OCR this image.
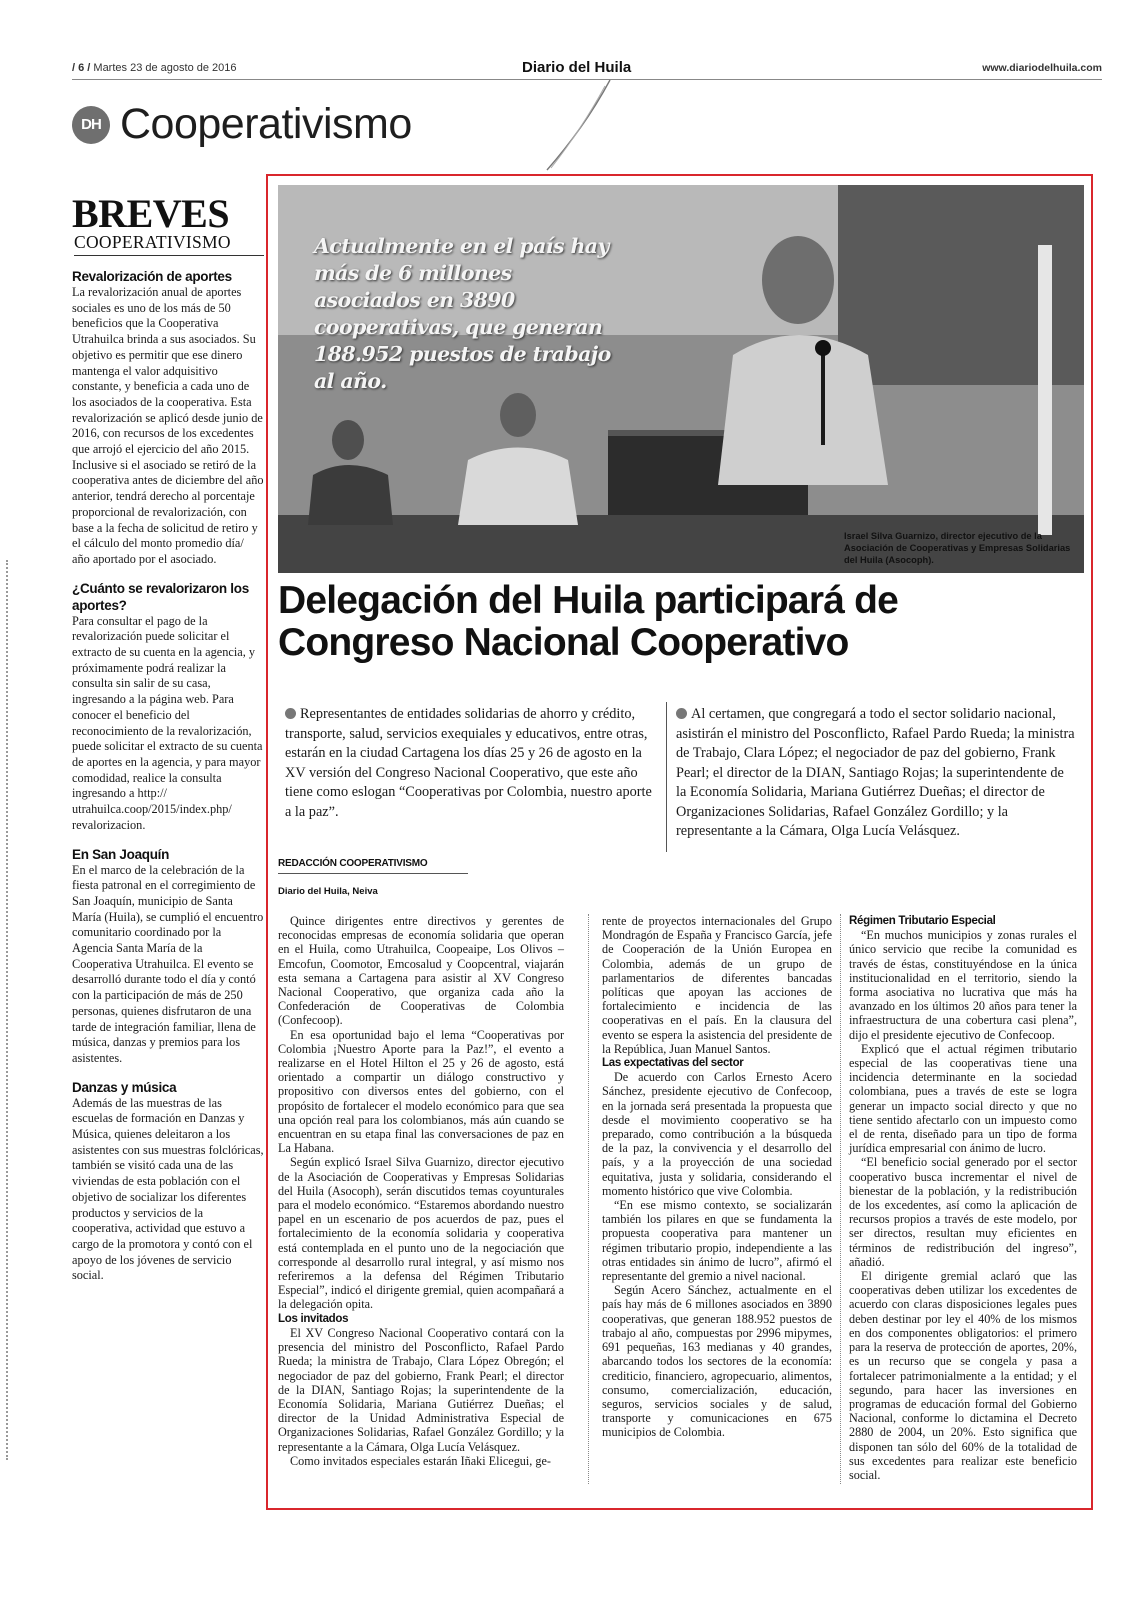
/ 6 / Martes 23 de agosto de 2016	Diario del Huila	www.diariodelhuila.com
DH Cooperativismo
BREVES
COOPERATIVISMO
Revalorización de aportes

La revalorización anual de aportes sociales es uno de los más de 50 beneficios que la Cooperativa Utrahuilca brinda a sus asociados. Su objetivo es permitir que ese dinero mantenga el valor adquisitivo constante, y beneficia a cada uno de los asociados de la cooperativa. Esta revalorización se aplicó desde junio de 2016, con recursos de los excedentes que arrojó el ejercicio del año 2015. Inclusive si el asociado se retiró de la cooperativa antes de diciembre del año anterior, tendrá derecho al porcentaje proporcional de revalorización, con base a la fecha de solicitud de retiro y el cálculo del monto promedio día/ año aportado por el asociado.

¿Cuánto se revalorizaron los aportes?

Para consultar el pago de la revalorización puede solicitar el extracto de su cuenta en la agencia, y próximamente podrá realizar la consulta sin salir de su casa, ingresando a la página web. Para conocer el beneficio del reconocimiento de la revalorización, puede solicitar el extracto de su cuenta de aportes en la agencia, y para mayor comodidad, realice la consulta ingresando a http:// utrahuilca.coop/2015/index.php/ revalorizacion.

En San Joaquín

En el marco de la celebración de la fiesta patronal en el corregimiento de San Joaquín, municipio de Santa María (Huila), se cumplió el encuentro comunitario coordinado por la Agencia Santa María de la Cooperativa Utrahuilca. El evento se desarrolló durante todo el día y contó con la participación de más de 250 personas, quienes disfrutaron de una tarde de integración familiar, llena de música, danzas y premios para los asistentes.

Danzas y música

Además de las muestras de las escuelas de formación en Danzas y Música, quienes deleitaron a los asistentes con sus muestras folclóricas, también se visitó cada una de las viviendas de esta población con el objetivo de socializar los diferentes productos y servicios de la cooperativa, actividad que estuvo a cargo de la promotora y contó con el apoyo de los jóvenes de servicio social.

Actualmente en el país hay más de 6 millones asociados en 3890 cooperativas, que generan 188.952 puestos de trabajo al año.
Israel Silva Guarnizo, director ejecutivo de la Asociación de Cooperativas y Empresas Solidarias del Huila (Asocoph).
Delegación del Huila participará de Congreso Nacional Cooperativo
Representantes de entidades solidarias de ahorro y crédito, transporte, salud, servicios exequiales y educativos, entre otras, estarán en la ciudad Cartagena los días 25 y 26 de agosto en la XV versión del Congreso Nacional Cooperativo, que este año tiene como eslogan “Cooperativas por Colombia, nuestro aporte a la paz”.
Al certamen, que congregará a todo el sector solidario nacional, asistirán el ministro del Posconflicto, Rafael Pardo Rueda; la ministra de Trabajo, Clara López; el negociador de paz del gobierno, Frank Pearl; el director de la DIAN, Santiago Rojas; la superintendente de la Economía Solidaria, Mariana Gutiérrez Dueñas; el director de Organizaciones Solidarias, Rafael González Gordillo; y la representante a la Cámara, Olga Lucía Velásquez.
REDACCIÓN COOPERATIVISMO
Diario del Huila, Neiva

Quince dirigentes entre directivos y gerentes de reconocidas empresas de economía solidaria que operan en el Huila, como Utrahuilca, Coopeaipe, Los Olivos – Emcofun, Coomotor, Emcosalud y Coopcentral, viajarán esta semana a Cartagena para asistir al XV Congreso Nacional Cooperativo, que organiza cada año la Confederación de Cooperativas de Colombia (Confecoop).

En esa oportunidad bajo el lema “Cooperativas por Colombia ¡Nuestro Aporte para la Paz!”, el evento a realizarse en el Hotel Hilton el 25 y 26 de agosto, está orientado a compartir un diálogo constructivo y propositivo con diversos entes del gobierno, con el propósito de fortalecer el modelo económico para que sea una opción real para los colombianos, más aún cuando se encuentran en su etapa final las conversaciones de paz en La Habana.

Según explicó Israel Silva Guarnizo, director ejecutivo de la Asociación de Cooperativas y Empresas Solidarias del Huila (Asocoph), serán discutidos temas coyunturales para el modelo económico. “Estaremos abordando nuestro papel en un escenario de pos acuerdos de paz, pues el fortalecimiento de la economía solidaria y cooperativa está contemplada en el punto uno de la negociación que corresponde al desarrollo rural integral, y así mismo nos referiremos a la defensa del Régimen Tributario Especial”, indicó el dirigente gremial, quien acompañará a la delegación opita.

Los invitados

El XV Congreso Nacional Cooperativo contará con la presencia del ministro del Posconflicto, Rafael Pardo Rueda; la ministra de Trabajo, Clara López Obregón; el negociador de paz del gobierno, Frank Pearl; el director de la DIAN, Santiago Rojas; la superintendente de la Economía Solidaria, Mariana Gutiérrez Dueñas; el director de la Unidad Administrativa Especial de Organizaciones Solidarias, Rafael González Gordillo; y la representante a la Cámara, Olga Lucía Velásquez.

Como invitados especiales estarán Iñaki Elicegui, ge-

rente de proyectos internacionales del Grupo Mondragón de España y Francisco García, jefe de Cooperación de la Unión Europea en Colombia, además de un grupo de parlamentarios de diferentes bancadas políticas que apoyan las acciones de fortalecimiento e incidencia de las cooperativas en el país. En la clausura del evento se espera la asistencia del presidente de la República, Juan Manuel Santos.

Las expectativas del sector

De acuerdo con Carlos Ernesto Acero Sánchez, presidente ejecutivo de Confecoop, en la jornada será presentada la propuesta que desde el movimiento cooperativo se ha preparado, como contribución a la búsqueda de la paz, la convivencia y el desarrollo del país, y a la proyección de una sociedad equitativa, justa y solidaria, considerando el momento histórico que vive Colombia.

“En ese mismo contexto, se socializarán también los pilares en que se fundamenta la propuesta cooperativa para mantener un régimen tributario propio, independiente a las otras entidades sin ánimo de lucro”, afirmó el representante del gremio a nivel nacional.

Según Acero Sánchez, actualmente en el país hay más de 6 millones asociados en 3890 cooperativas, que generan 188.952 puestos de trabajo al año, compuestas por 2996 mipymes, 691 pequeñas, 163 medianas y 40 grandes, abarcando todos los sectores de la economía: crediticio, financiero, agropecuario, alimentos, consumo, comercialización, educación, seguros, servicios sociales y de salud, transporte y comunicaciones en 675 municipios de Colombia.

Régimen Tributario Especial

“En muchos municipios y zonas rurales el único servicio que recibe la comunidad es través de éstas, constituyéndose en la única institucionalidad en el territorio, siendo la forma asociativa no lucrativa que más ha avanzado en los últimos 20 años para tener la infraestructura de una cobertura casi plena”, dijo el presidente ejecutivo de Confecoop.

Explicó que el actual régimen tributario especial de las cooperativas tiene una incidencia determinante en la sociedad colombiana, pues a través de este se logra generar un impacto social directo y que no tiene sentido afectarlo con un impuesto como el de renta, diseñado para un tipo de forma jurídica empresarial con ánimo de lucro.

“El beneficio social generado por el sector cooperativo busca incrementar el nivel de bienestar de la población, y la redistribución de los excedentes, así como la aplicación de recursos propios a través de este modelo, por ser directos, resultan muy eficientes en términos de redistribución del ingreso”, añadió.

El dirigente gremial aclaró que las cooperativas deben utilizar los excedentes de acuerdo con claras disposiciones legales pues deben destinar por ley el 40% de los mismos en dos componentes obligatorios: el primero para la reserva de protección de aportes, 20%, es un recurso que se congela y pasa a fortalecer patrimonialmente a la entidad; y el segundo, para hacer las inversiones en programas de educación formal del Gobierno Nacional, conforme lo dictamina el Decreto 2880 de 2004, un 20%. Esto significa que disponen tan sólo del 60% de la totalidad de sus excedentes para realizar este beneficio social.
